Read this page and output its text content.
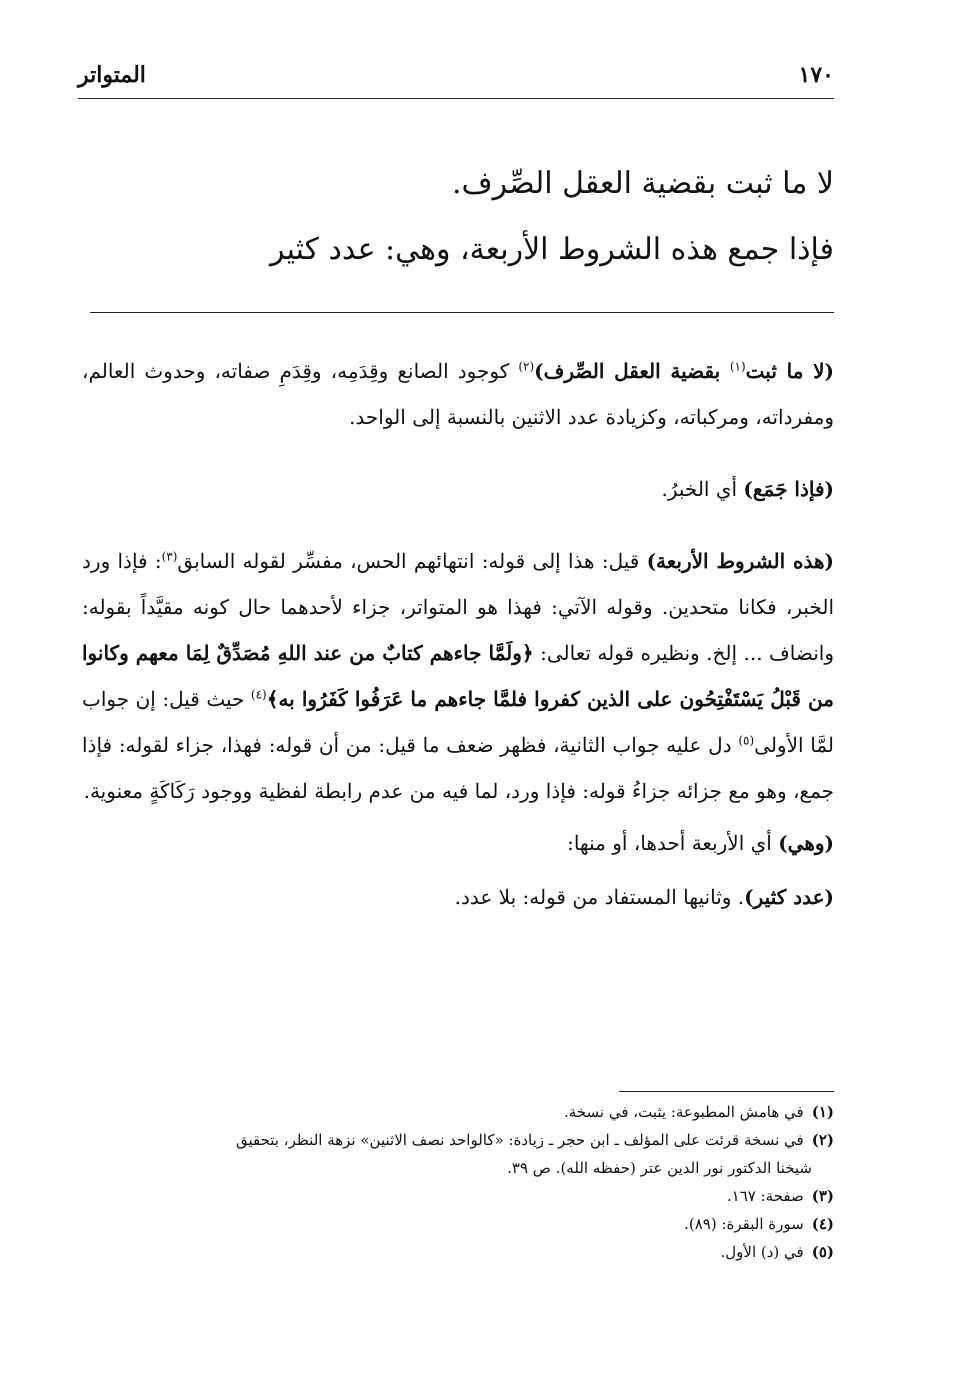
١٧٠
المتواتر
لا ما ثبت بقضية العقل الصِّرف.
فإذا جمع هذه الشروط الأربعة، وهي: عدد كثير
(لا ما ثبت$^{(١)}$ بقضية العقل الصِّرف)$^{(٢)}$ كوجود الصانع وقِدَمِه، وقِدَمِ صفاته، وحدوث العالم، ومفرداته، ومركباته، وكزيادة عدد الاثنين بالنسبة إلى الواحد.
(فإذا جَمَع) أي الخبرُ.
(هذه الشروط الأربعة) قيل: هذا إلى قوله: انتهائهم الحس، مفسِّر لقوله السابق$^{(٣)}$: فإذا ورد الخبر، فكانا متحدين. وقوله الآتي: فهذا هو المتواتر، جزاء لأحدهما حال كونه مقيَّداً بقوله: وانضاف ... إلخ. ونظيره قوله تعالى: ﴿ولَمَّا جاءهم كتابٌ من عند اللهِ مُصَدِّقٌ لِمَا معهم وكانوا من قَبْلُ يَسْتَفْتِحُون على الذين كفروا فلمَّا جاءهم ما عَرَفُوا كَفَرُوا به﴾$^{(٤)}$ حيث قيل: إن جواب لمَّا الأولى$^{(٥)}$ دل عليه جواب الثانية، فظهر ضعف ما قيل: من أن قوله: فهذا، جزاء لقوله: فإذا جمع، وهو مع جزائه جزاءُ قوله: فإذا ورد، لما فيه من عدم رابطة لفظية ووجود رَكَاكَةٍ معنوية.
(وهي) أي الأربعة أحدها، أو منها:
(عدد كثير). وثانيها المستفاد من قوله: بلا عدد.
(١)في هامش المطبوعة: يثبت، في نسخة.
(٢)في نسخة قرئت على المؤلف ـ ابن حجر ـ زيادة: «كالواحد نصف الاثنين» نزهة النظر، بتحقيق
شيخنا الدكتور نور الدين عتر (حفظه الله). ص ٣٩.
(٣)صفحة: ١٦٧.
(٤)سورة البقرة: (٨٩).
(٥)في (د) الأول.
